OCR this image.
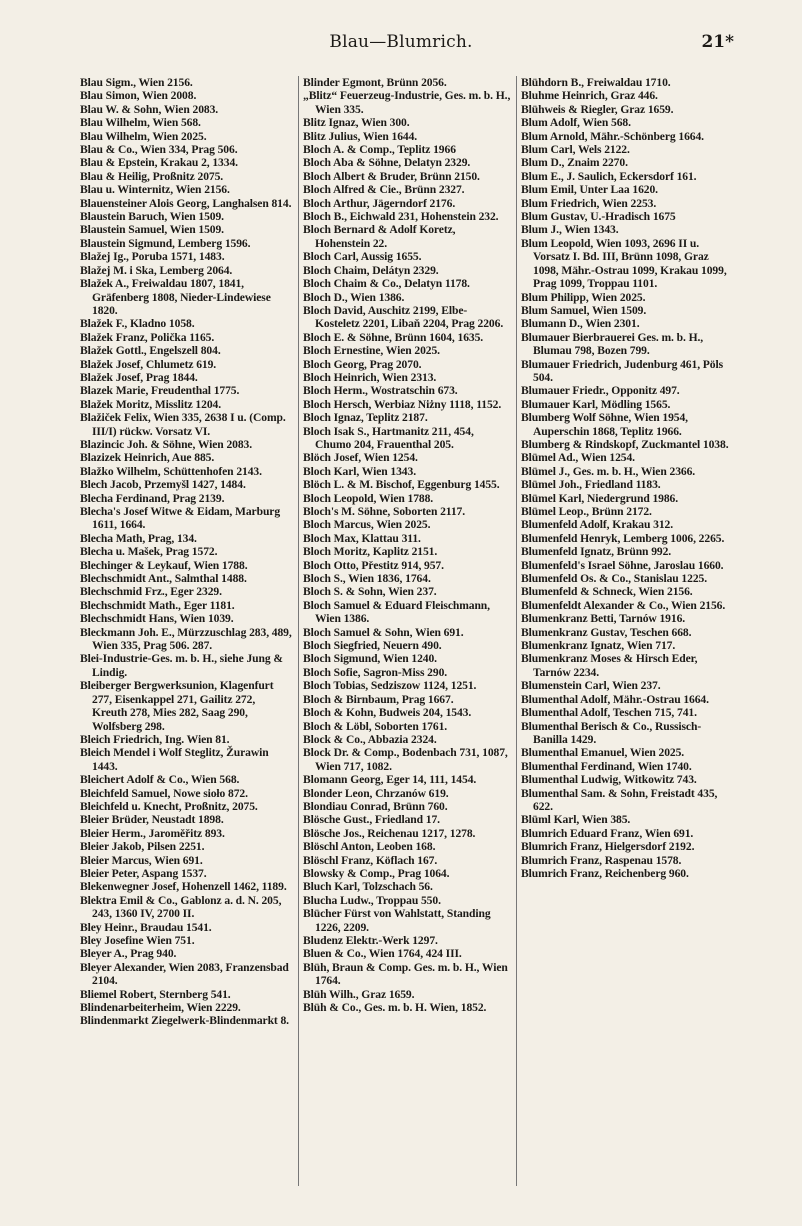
Blau—Blumrich.	21*
Blau Sigm., Wien 2156.
Blau Simon, Wien 2008.
Blau W. & Sohn, Wien 2083.
Blau Wilhelm, Wien 568.
Blau Wilhelm, Wien 2025.
Blau & Co., Wien 334, Prag 506.
Blau & Epstein, Krakau 2, 1334.
Blau & Heilig, Proßnitz 2075.
Blau u. Winternitz, Wien 2156.
Blauensteiner Alois Georg, Langhalsen 814.
Blaustein Baruch, Wien 1509.
Blaustein Samuel, Wien 1509.
Blaustein Sigmund, Lemberg 1596.
Blažej Ig., Poruba 1571, 1483.
Blažej M. i Ska, Lemberg 2064.
Blažek A., Freiwaldau 1807, 1841, Gräfenberg 1808, Nieder-Lindewiese 1820.
Blažek F., Kladno 1058.
Blažek Franz, Polička 1165.
Blažek Gottl., Engelszell 804.
Blažek Josef, Chlumetz 619.
Blažek Josef, Prag 1844.
Blazek Marie, Freudenthal 1775.
Blažek Moritz, Misslitz 1204.
Blažiček Felix, Wien 335, 2638 I u. (Comp. III/I) rückw. Vorsatz VI.
Blazincic Joh. & Söhne, Wien 2083.
Blazizek Heinrich, Aue 885.
Blažko Wilhelm, Schüttenhofen 2143.
Blech Jacob, Przemyšl 1427, 1484.
Blecha Ferdinand, Prag 2139.
Blecha's Josef Witwe & Eidam, Marburg 1611, 1664.
Blecha Math, Prag, 134.
Blecha u. Mašek, Prag 1572.
Blechinger & Leykauf, Wien 1788.
Blechschmidt Ant., Salmthal 1488.
Blechschmid Frz., Eger 2329.
Blechschmidt Math., Eger 1181.
Blechschmidt Hans, Wien 1039.
Bleckmann Joh. E., Mürzzuschlag 283, 489, Wien 335, Prag 506. 287.
Blei-Industrie-Ges. m. b. H., siehe Jung & Lindig.
Bleiberger Bergwerksunion, Klagenfurt 277, Eisenkappel 271, Gailitz 272, Kreuth 278, Mies 282, Saag 290, Wolfsberg 298.
Bleich Friedrich, Ing. Wien 81.
Bleich Mendel i Wolf Steglitz, Žurawin 1443.
Bleichert Adolf & Co., Wien 568.
Bleichfeld Samuel, Nowe sioło 872.
Bleichfeld u. Knecht, Proßnitz, 2075.
Bleier Brüder, Neustadt 1898.
Bleier Herm., Jaroměřitz 893.
Bleier Jakob, Pilsen 2251.
Bleier Marcus, Wien 691.
Bleier Peter, Aspang 1537.
Blekenwegner Josef, Hohenzell 1462, 1189.
Blektra Emil & Co., Gablonz a. d. N. 205, 243, 1360 IV, 2700 II.
Bley Heinr., Braudau 1541.
Bley Josefine Wien 751.
Bleyer A., Prag 940.
Bleyer Alexander, Wien 2083, Franzensbad 2104.
Bliemel Robert, Sternberg 541.
Blindenarbeiterheim, Wien 2229.
Blindenmarkt Ziegelwerk-Blindenmarkt 8.
Blinder Egmont, Brünn 2056.
„Blitz“ Feuerzeug-Industrie, Ges. m. b. H., Wien 335.
Blitz Ignaz, Wien 300.
Blitz Julius, Wien 1644.
Bloch A. & Comp., Teplitz 1966
Bloch Aba & Söhne, Delatyn 2329.
Bloch Albert & Bruder, Brünn 2150.
Bloch Alfred & Cie., Brünn 2327.
Bloch Arthur, Jägerndorf 2176.
Bloch B., Eichwald 231, Hohenstein 232.
Bloch Bernard & Adolf Koretz, Hohenstein 22.
Bloch Carl, Aussig 1655.
Bloch Chaim, Delátyn 2329.
Bloch Chaim & Co., Delatyn 1178.
Bloch D., Wien 1386.
Bloch David, Auschitz 2199, Elbe-Kosteletz 2201, Libaň 2204, Prag 2206.
Bloch E. & Söhne, Brünn 1604, 1635.
Bloch Ernestine, Wien 2025.
Bloch Georg, Prag 2070.
Bloch Heinrich, Wien 2313.
Bloch Herm., Wostratschin 673.
Bloch Hersch, Werbiaz Niżny 1118, 1152.
Bloch Ignaz, Teplitz 2187.
Bloch Isak S., Hartmanitz 211, 454, Chumo 204, Frauenthal 205.
Blöch Josef, Wien 1254.
Bloch Karl, Wien 1343.
Blöch L. & M. Bischof, Eggenburg 1455.
Bloch Leopold, Wien 1788.
Bloch's M. Söhne, Soborten 2117.
Bloch Marcus, Wien 2025.
Bloch Max, Klattau 311.
Bloch Moritz, Kaplitz 2151.
Bloch Otto, Přestitz 914, 957.
Bloch S., Wien 1836, 1764.
Bloch S. & Sohn, Wien 237.
Bloch Samuel & Eduard Fleischmann, Wien 1386.
Bloch Samuel & Sohn, Wien 691.
Bloch Siegfried, Neuern 490.
Bloch Sigmund, Wien 1240.
Bloch Sofie, Sagron-Miss 290.
Bloch Tobias, Sedziszow 1124, 1251.
Bloch & Birnbaum, Prag 1667.
Bloch & Kohn, Budweis 204, 1543.
Bloch & Löbl, Soborten 1761.
Block & Co., Abbazia 2324.
Block Dr. & Comp., Bodenbach 731, 1087, Wien 717, 1082.
Blomann Georg, Eger 14, 111, 1454.
Blonder Leon, Chrzanów 619.
Blondiau Conrad, Brünn 760.
Blösche Gust., Friedland 17.
Blösche Jos., Reichenau 1217, 1278.
Blöschl Anton, Leoben 168.
Blöschl Franz, Köflach 167.
Blowsky & Comp., Prag 1064.
Bluch Karl, Tolzschach 56.
Blucha Ludw., Troppau 550.
Blücher Fürst von Wahlstatt, Standing 1226, 2209.
Bludenz Elektr.-Werk 1297.
Bluen & Co., Wien 1764, 424 III.
Blüh, Braun & Comp. Ges. m. b. H., Wien 1764.
Blüh Wilh., Graz 1659.
Blüh & Co., Ges. m. b. H. Wien, 1852.
Blühdorn B., Freiwaldau 1710.
Bluhme Heinrich, Graz 446.
Blühweis & Riegler, Graz 1659.
Blum Adolf, Wien 568.
Blum Arnold, Mähr.-Schönberg 1664.
Blum Carl, Wels 2122.
Blum D., Znaim 2270.
Blum E., J. Saulich, Eckersdorf 161.
Blum Emil, Unter Laa 1620.
Blum Friedrich, Wien 2253.
Blum Gustav, U.-Hradisch 1675
Blum J., Wien 1343.
Blum Leopold, Wien 1093, 2696 II u. Vorsatz I. Bd. III, Brünn 1098, Graz 1098, Mähr.-Ostrau 1099, Krakau 1099, Prag 1099, Troppau 1101.
Blum Philipp, Wien 2025.
Blum Samuel, Wien 1509.
Blumann D., Wien 2301.
Blumauer Bierbrauerei Ges. m. b. H., Blumau 798, Bozen 799.
Blumauer Friedrich, Judenburg 461, Pöls 504.
Blumauer Friedr., Opponitz 497.
Blumauer Karl, Mödling 1565.
Blumberg Wolf Söhne, Wien 1954, Auperschin 1868, Teplitz 1966.
Blumberg & Rindskopf, Zuckmantel 1038.
Blümel Ad., Wien 1254.
Blümel J., Ges. m. b. H., Wien 2366.
Blümel Joh., Friedland 1183.
Blümel Karl, Niedergrund 1986.
Blümel Leop., Brünn 2172.
Blumenfeld Adolf, Krakau 312.
Blumenfeld Henryk, Lemberg 1006, 2265.
Blumenfeld Ignatz, Brünn 992.
Blumenfeld's Israel Söhne, Jaroslau 1660.
Blumenfeld Os. & Co., Stanislau 1225.
Blumenfeld & Schneck, Wien 2156.
Blumenfeldt Alexander & Co., Wien 2156.
Blumenkranz Betti, Tarnów 1916.
Blumenkranz Gustav, Teschen 668.
Blumenkranz Ignatz, Wien 717.
Blumenkranz Moses & Hirsch Eder, Tarnów 2234.
Blumenstein Carl, Wien 237.
Blumenthal Adolf, Mähr.-Ostrau 1664.
Blumenthal Adolf, Teschen 715, 741.
Blumenthal Berisch & Co., Russisch-Banilla 1429.
Blumenthal Emanuel, Wien 2025.
Blumenthal Ferdinand, Wien 1740.
Blumenthal Ludwig, Witkowitz 743.
Blumenthal Sam. & Sohn, Freistadt 435, 622.
Blüml Karl, Wien 385.
Blumrich Eduard Franz, Wien 691.
Blumrich Franz, Hielgersdorf 2192.
Blumrich Franz, Raspenau 1578.
Blumrich Franz, Reichenberg 960.
